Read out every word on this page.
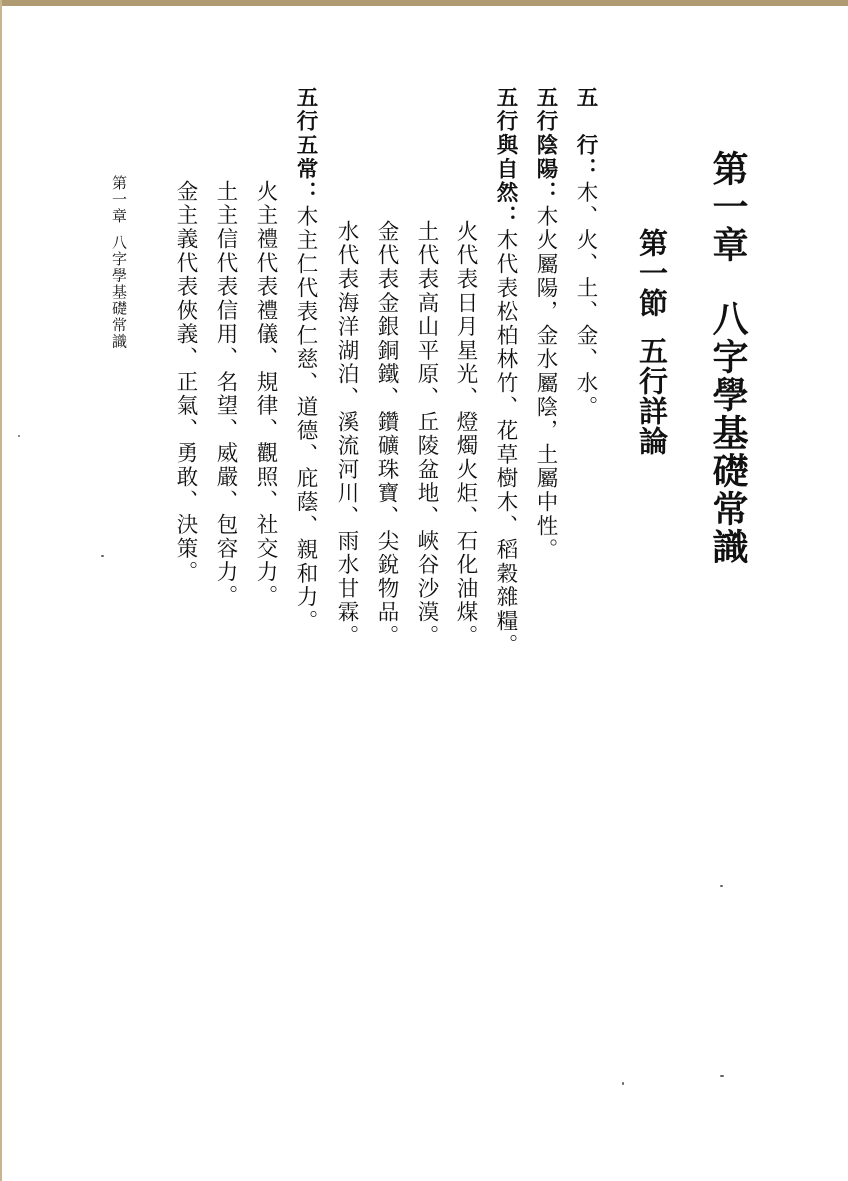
第一章八字學基礎常識
第一節五行詳論
五　行：木、火、土、金、水。
五行陰陽：木火屬陽，金水屬陰，土屬中性。
五行與自然：木代表松柏林竹、花草樹木、稻穀雜糧。
火代表日月星光、燈燭火炬、石化油煤。
土代表高山平原、丘陵盆地、峽谷沙漠。
金代表金銀銅鐵、鑽礦珠寶、尖銳物品。
水代表海洋湖泊、溪流河川、雨水甘霖。
五行五常：木主仁代表仁慈、道德、庇蔭、親和力。
火主禮代表禮儀、規律、觀照、社交力。
土主信代表信用、名望、威嚴、包容力。
金主義代表俠義、正氣、勇敢、決策。
第一章八字學基礎常識
